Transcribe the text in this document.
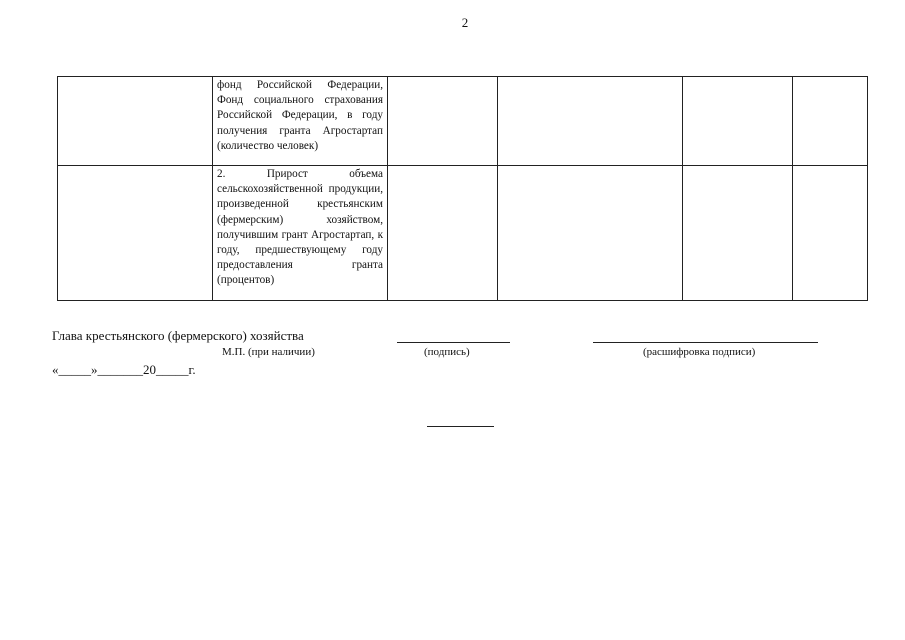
2
	фонд Российской Федерации, Фонд социального страхования Российской Федерации, в году получения гранта Агростартап (количество человек)				
	2. Прирост объема сельскохозяйственной продукции, произведенной крестьянским (фермерским) хозяйством, получившим грант Агростартап, к году, предшествующему году предоставления гранта (процентов)				
Глава крестьянского (фермерского) хозяйства
М.П. (при наличии)	(подпись)	(расшифровка подписи)
«_____»_______20_____г.
